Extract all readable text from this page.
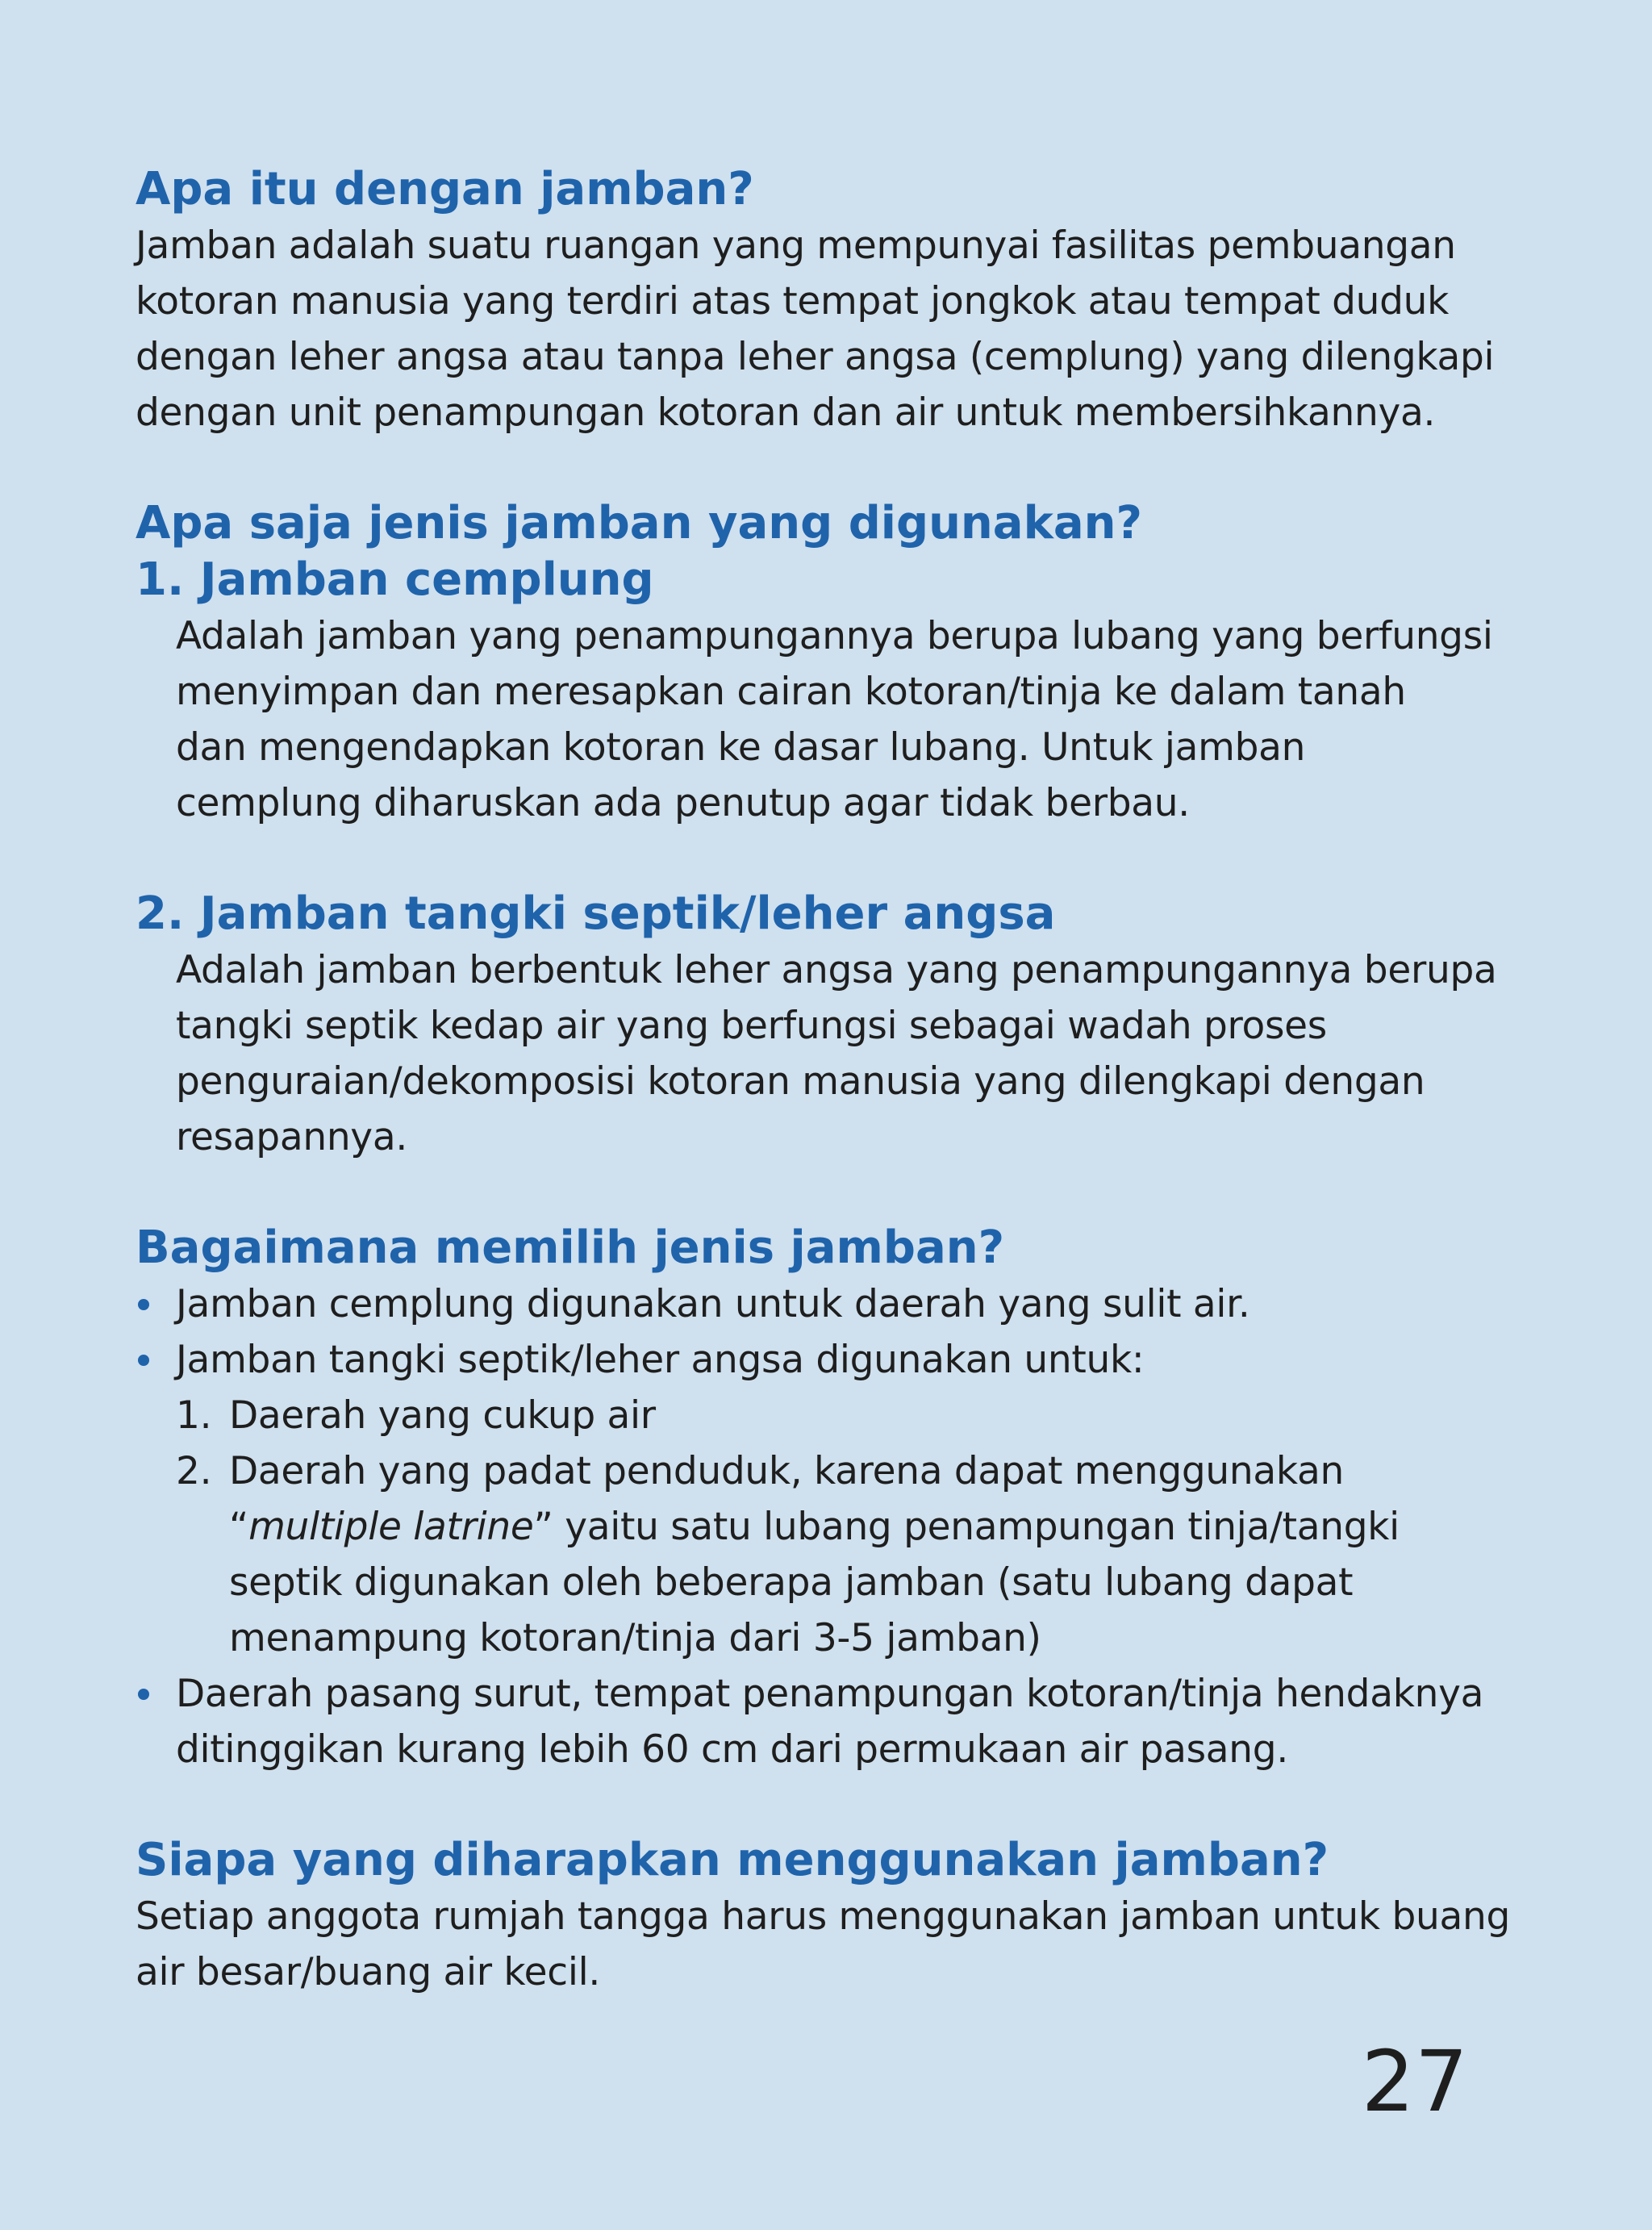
Apa itu dengan jamban?

Jamban adalah suatu ruangan yang mempunyai fasilitas pembuangan
kotoran manusia yang terdiri atas tempat jongkok atau tempat duduk
dengan leher angsa atau tanpa leher angsa (cemplung) yang dilengkapi
dengan unit penampungan kotoran dan air untuk membersihkannya.

Apa saja jenis jamban yang digunakan?
1. Jamban cemplung

Adalah jamban yang penampungannya berupa lubang yang berfungsi
menyimpan dan meresapkan cairan kotoran/tinja ke dalam tanah
dan mengendapkan kotoran ke dasar lubang. Untuk jamban
cemplung diharuskan ada penutup agar tidak berbau.

2. Jamban tangki septik/leher angsa

Adalah jamban berbentuk leher angsa yang penampungannya berupa
tangki septik kedap air yang berfungsi sebagai wadah proses
penguraian/dekomposisi kotoran manusia yang dilengkapi dengan
resapannya.

Bagaimana memilih jenis jamban?
Jamban cemplung digunakan untuk daerah yang sulit air.
Jamban tangki septik/leher angsa digunakan untuk:
1. Daerah yang cukup air
2. Daerah yang padat penduduk, karena dapat menggunakan
“multiple latrine” yaitu satu lubang penampungan tinja/tangki
septik digunakan oleh beberapa jamban (satu lubang dapat
menampung kotoran/tinja dari 3-5 jamban)
Daerah pasang surut, tempat penampungan kotoran/tinja hendaknya
ditinggikan kurang lebih 60 cm dari permukaan air pasang.
Siapa yang diharapkan menggunakan jamban?

Setiap anggota rumjah tangga harus menggunakan jamban untuk buang
air besar/buang air kecil.

27
